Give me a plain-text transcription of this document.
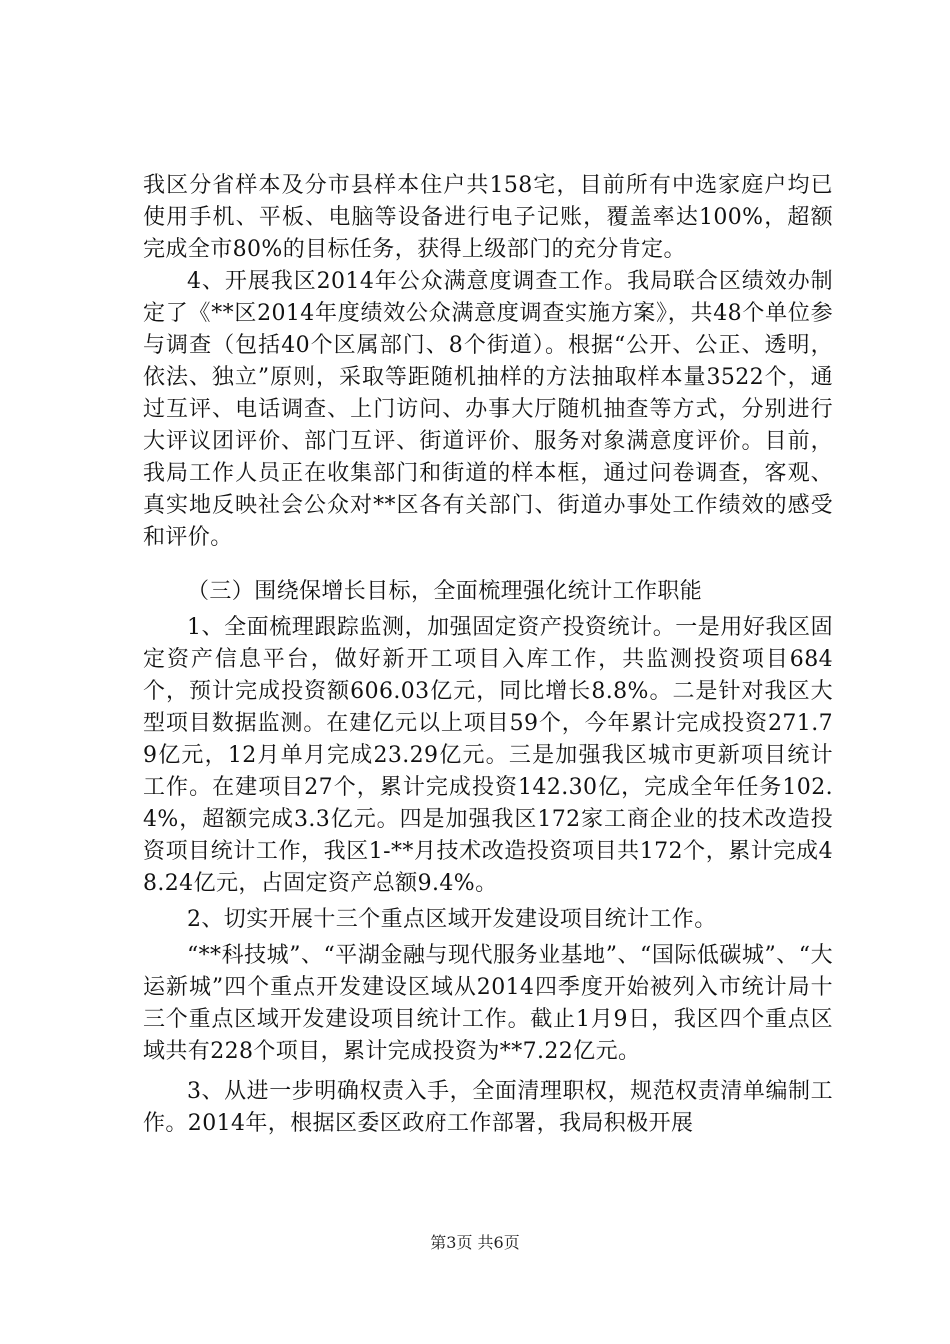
我区分省样本及分市县样本住户共158宅，目前所有中选家庭户均已使用手机、平板、电脑等设备进行电子记账，覆盖率达100%，超额完成全市80%的目标任务，获得上级部门的充分肯定。

4、开展我区2014年公众满意度调查工作。我局联合区绩效办制定了《**区2014年度绩效公众满意度调查实施方案》，共48个单位参与调查（包括40个区属部门、8个街道）。根据“公开、公正、透明，依法、独立”原则，采取等距随机抽样的方法抽取样本量3522个，通过互评、电话调查、上门访问、办事大厅随机抽查等方式，分别进行大评议团评价、部门互评、街道评价、服务对象满意度评价。目前，我局工作人员正在收集部门和街道的样本框，通过问卷调查，客观、真实地反映社会公众对**区各有关部门、街道办事处工作绩效的感受和评价。

（三）围绕保增长目标，全面梳理强化统计工作职能

1、全面梳理跟踪监测，加强固定资产投资统计。一是用好我区固定资产信息平台，做好新开工项目入库工作，共监测投资项目684个，预计完成投资额606.03亿元，同比增长8.8%。二是针对我区大型项目数据监测。在建亿元以上项目59个，今年累计完成投资271.79亿元，12月单月完成23.29亿元。三是加强我区城市更新项目统计工作。在建项目27个，累计完成投资142.30亿，完成全年任务102.4%，超额完成3.3亿元。四是加强我区172家工商企业的技术改造投资项目统计工作，我区1-**月技术改造投资项目共172个，累计完成48.24亿元，占固定资产总额9.4%。

2、切实开展十三个重点区域开发建设项目统计工作。

“**科技城”、“平湖金融与现代服务业基地”、“国际低碳城”、“大运新城”四个重点开发建设区域从2014四季度开始被列入市统计局十三个重点区域开发建设项目统计工作。截止1月9日，我区四个重点区域共有228个项目，累计完成投资为**7.22亿元。

3、从进一步明确权责入手，全面清理职权，规范权责清单编制工作。2014年，根据区委区政府工作部署，我局积极开展

第3页 共6页
